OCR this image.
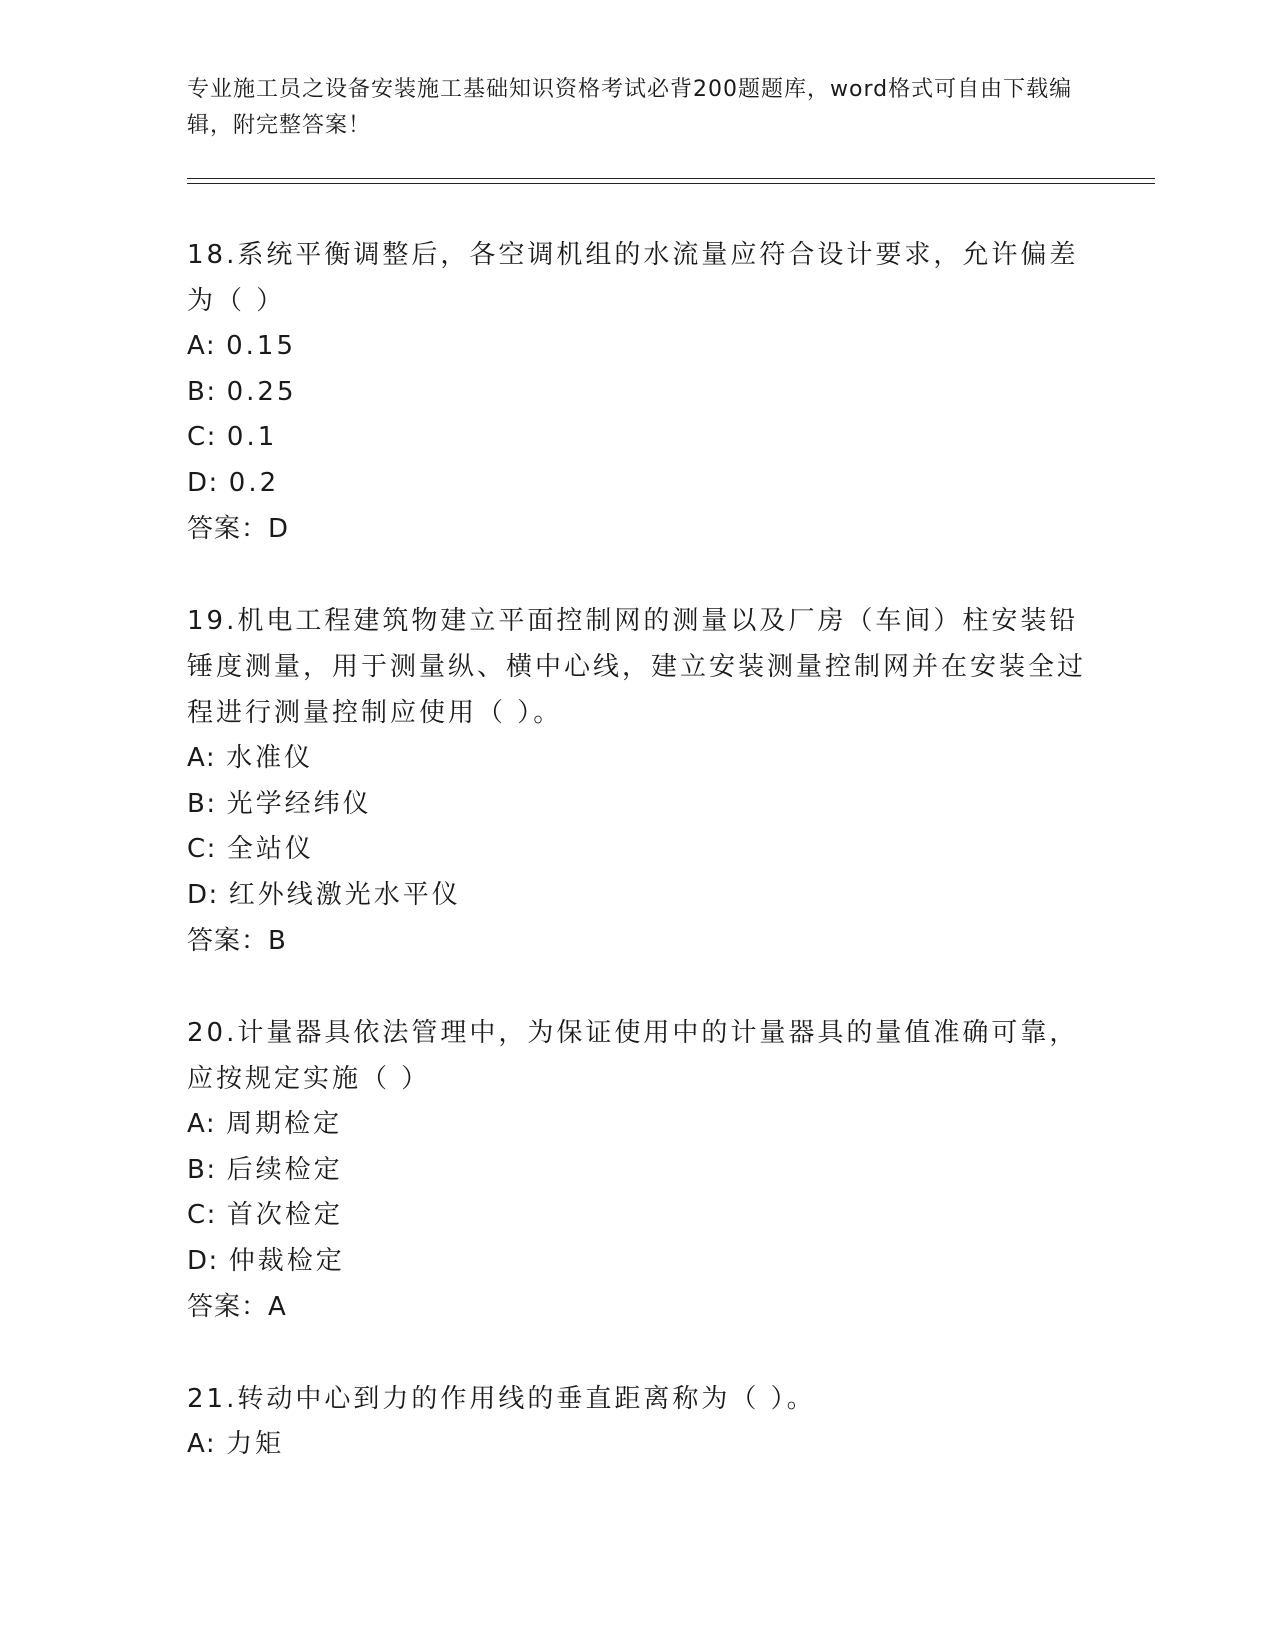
专业施工员之设备安装施工基础知识资格考试必背200题题库，word格式可自由下载编辑，附完整答案！
18.系统平衡调整后，各空调机组的水流量应符合设计要求，允许偏差为（ ）
A: 0.15
B: 0.25
C: 0.1
D: 0.2
答案：D
19.机电工程建筑物建立平面控制网的测量以及厂房（车间）柱安装铅锤度测量，用于测量纵、横中心线，建立安装测量控制网并在安装全过程进行测量控制应使用（ ）。
A: 水准仪
B: 光学经纬仪
C: 全站仪
D: 红外线激光水平仪
答案：B
20.计量器具依法管理中，为保证使用中的计量器具的量值准确可靠，应按规定实施（ ）
A: 周期检定
B: 后续检定
C: 首次检定
D: 仲裁检定
答案：A
21.转动中心到力的作用线的垂直距离称为（ ）。
A: 力矩
